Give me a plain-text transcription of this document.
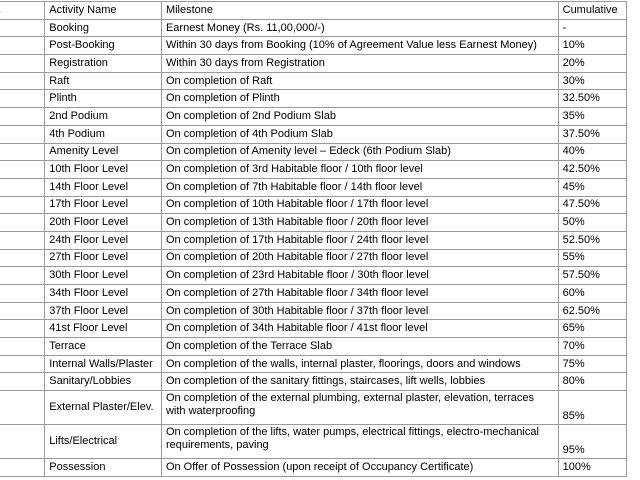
	Activity Name	Milestone	Cumulative
	Booking	Earnest Money (Rs. 11,00,000/-)	-
	Post-Booking	Within 30 days from Booking (10% of Agreement Value less Earnest Money)	10%
	Registration	Within 30 days from Registration	20%
	Raft	On completion of Raft	30%
	Plinth	On completion of Plinth	32.50%
	2nd Podium	On completion of 2nd Podium Slab	35%
	4th Podium	On completion of 4th Podium Slab	37.50%
	Amenity Level	On completion of Amenity level – Edeck (6th Podium Slab)	40%
	10th Floor Level	On completion of 3rd Habitable floor / 10th floor level	42.50%
	14th Floor Level	On completion of 7th Habitable floor / 14th floor level	45%
	17th Floor Level	On completion of 10th Habitable floor / 17th floor level	47.50%
	20th Floor Level	On completion of 13th Habitable floor / 20th floor level	50%
	24th Floor Level	On completion of 17th Habitable floor / 24th floor level	52.50%
	27th Floor Level	On completion of 20th Habitable floor / 27th floor level	55%
	30th Floor Level	On completion of 23rd Habitable floor / 30th floor level	57.50%
	34th Floor Level	On completion of 27th Habitable floor / 34th floor level	60%
	37th Floor Level	On completion of 30th Habitable floor / 37th floor level	62.50%
	41st Floor Level	On completion of 34th Habitable floor / 41st floor level	65%
	Terrace	On completion of the Terrace Slab	70%
	Internal Walls/Plaster	On completion of the walls, internal plaster, floorings, doors and windows	75%
	Sanitary/Lobbies	On completion of the sanitary fittings, staircases, lift wells, lobbies	80%
	External Plaster/Elev.	On completion of the external plumbing, external plaster, elevation, terraces with waterproofing	85%
	Lifts/Electrical	On completion of the lifts, water pumps, electrical fittings, electro-mechanical requirements, paving	95%
	Possession	On Offer of Possession (upon receipt of Occupancy Certificate)	100%
